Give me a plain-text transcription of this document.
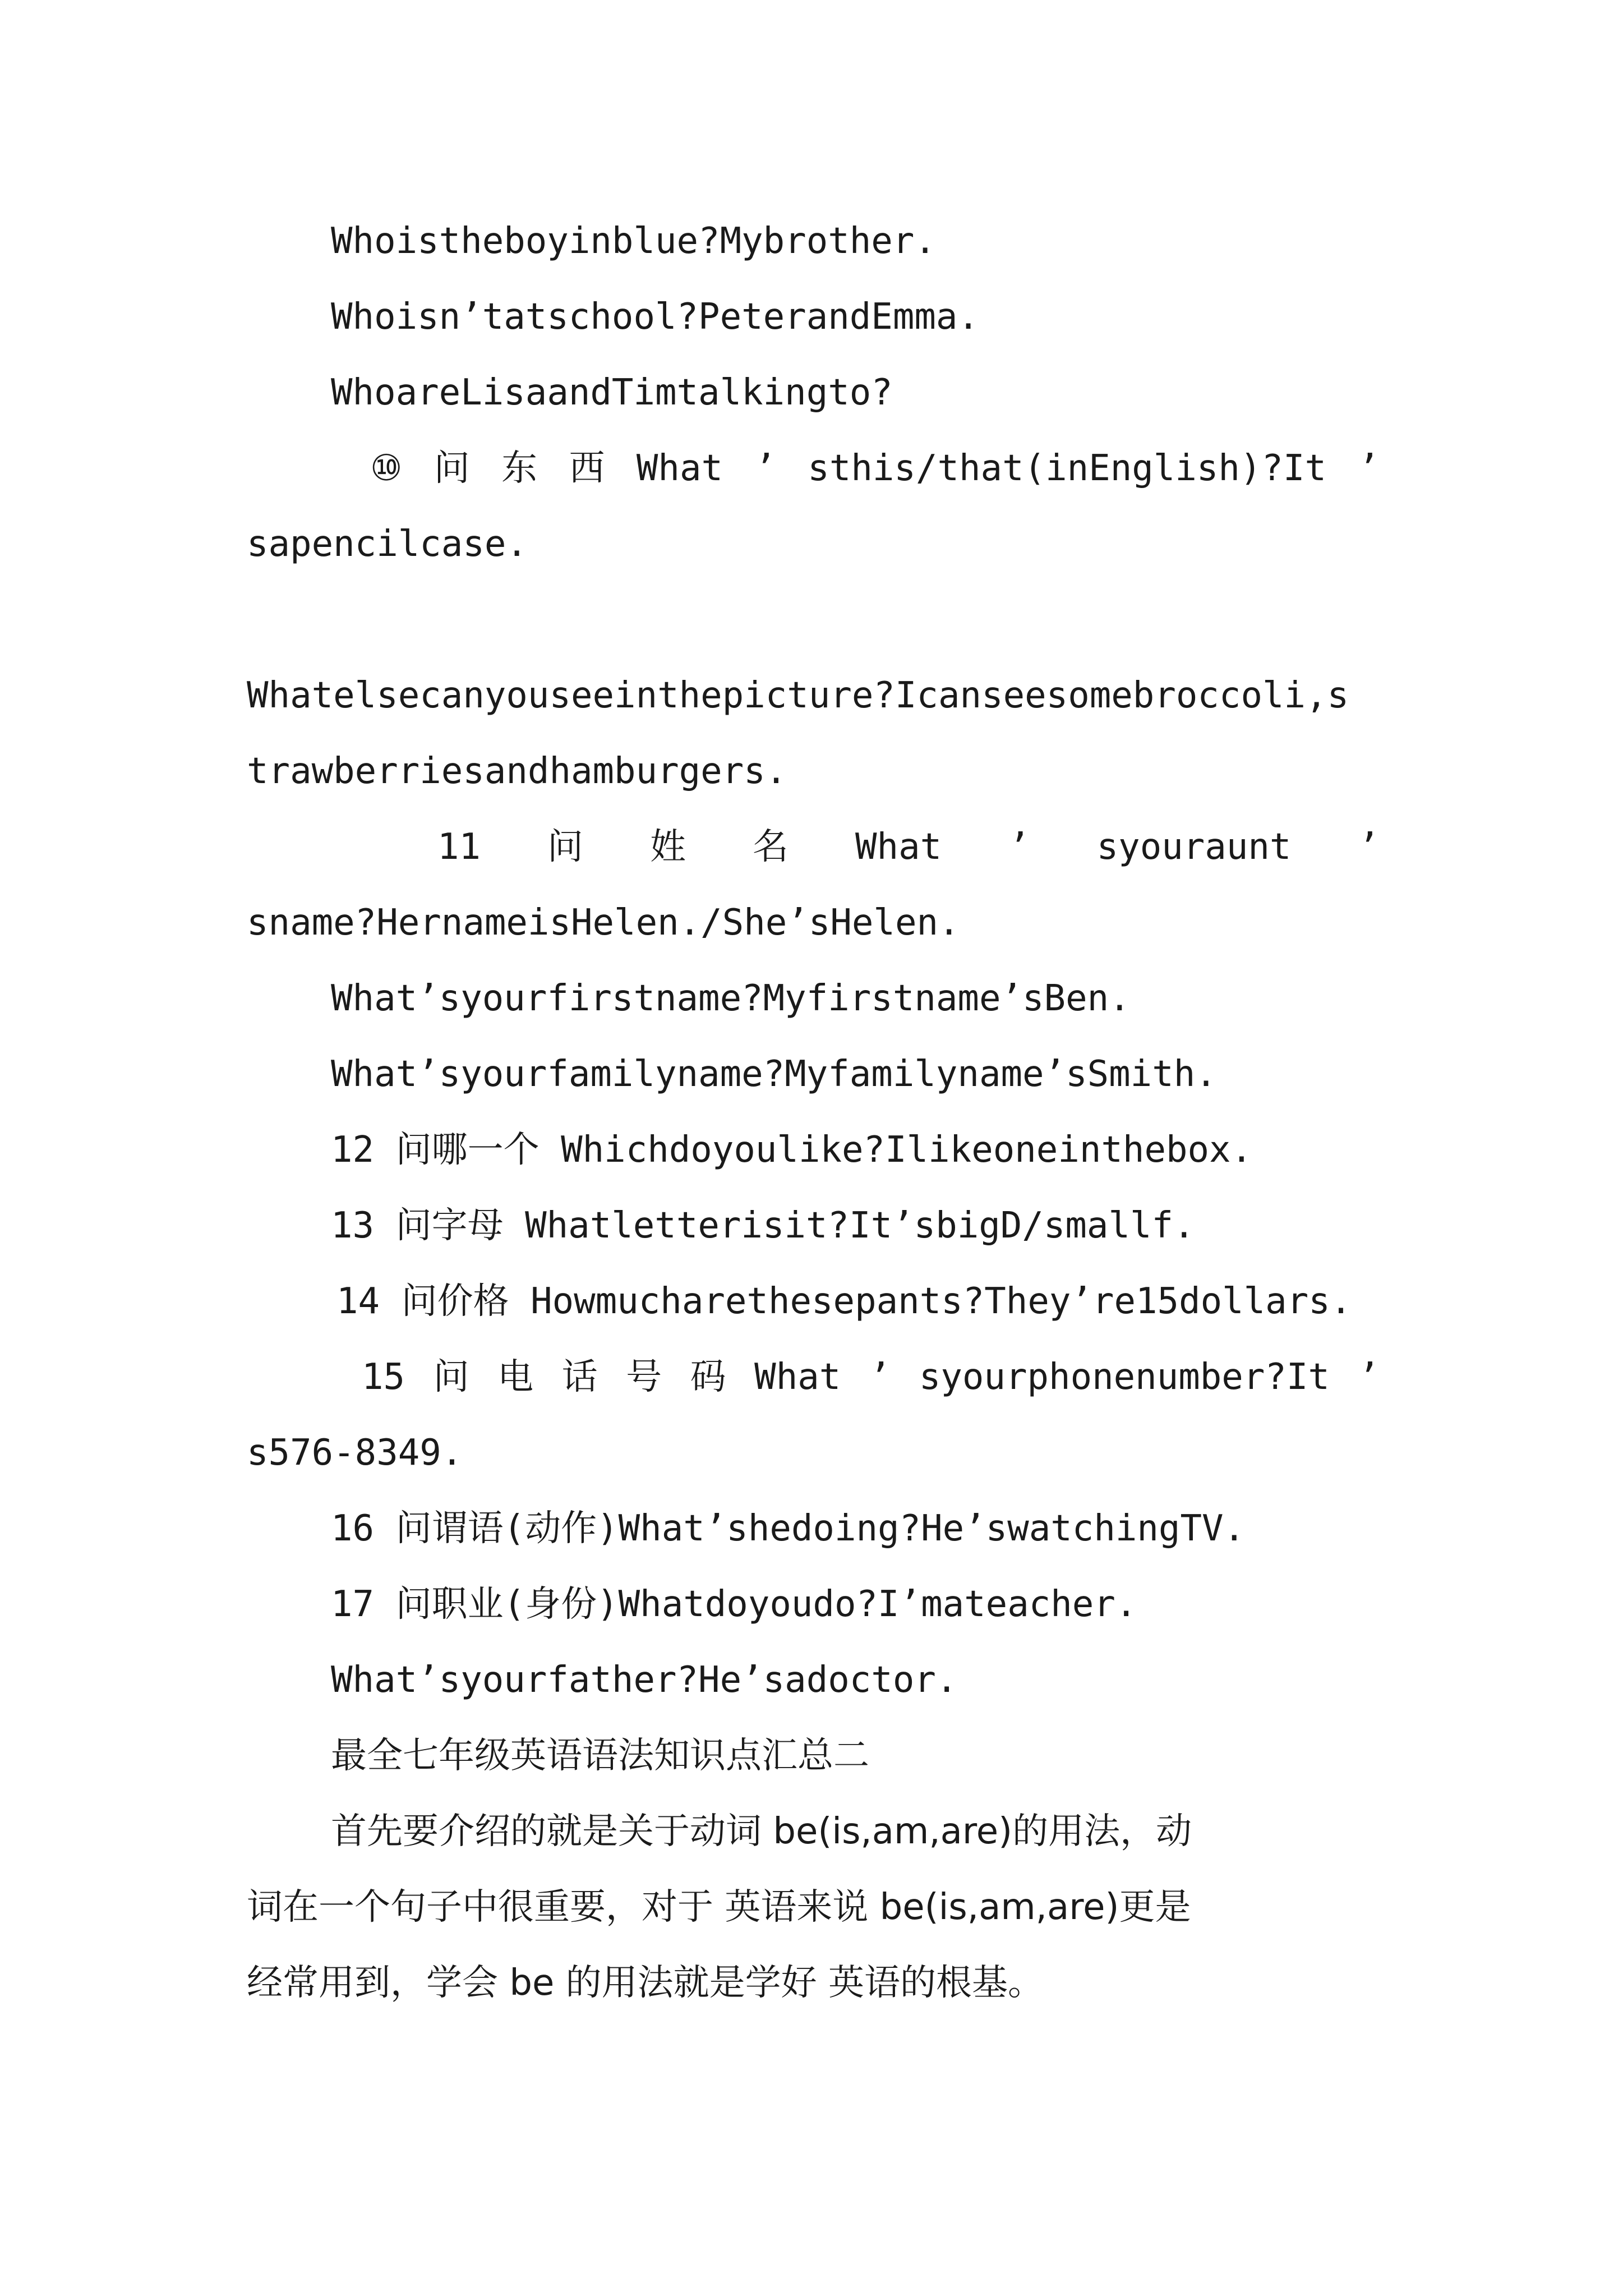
Whoistheboyinblue?Mybrother.
Whoisn’tatschool?PeterandEmma.
WhoareLisaandTimtalkingto?
⑩ 问 东 西 What ’ sthis/that(inEnglish)?It ’
sapencilcase.
Whatelsecanyouseeinthepicture?Icanseesomebroccoli,s
trawberriesandhamburgers.
11 问 姓 名 What ’ syouraunt ’
sname?HernameisHelen./She’sHelen.
What’syourfirstname?Myfirstname’sBen.
What’syourfamilyname?Myfamilyname’sSmith.
12 问哪一个 Whichdoyoulike?Ilikeoneinthebox.
13 问字母 Whatletterisit?It’sbigD/smallf.
14 问价格 Howmucharethesepants?They’re15dollars.
15 问 电 话 号 码 What ’ syourphonenumber?It ’
s576-8349.
16 问谓语(动作)What’shedoing?He’swatchingTV.
17 问职业(身份)Whatdoyoudo?I’mateacher.
What’syourfather?He’sadoctor.
最全七年级英语语法知识点汇总二
首先要介绍的就是关于动词 be(is,am,are)的用法，动
词在一个句子中很重要，对于 英语来说 be(is,am,are)更是
经常用到，学会 be 的用法就是学好 英语的根基。
